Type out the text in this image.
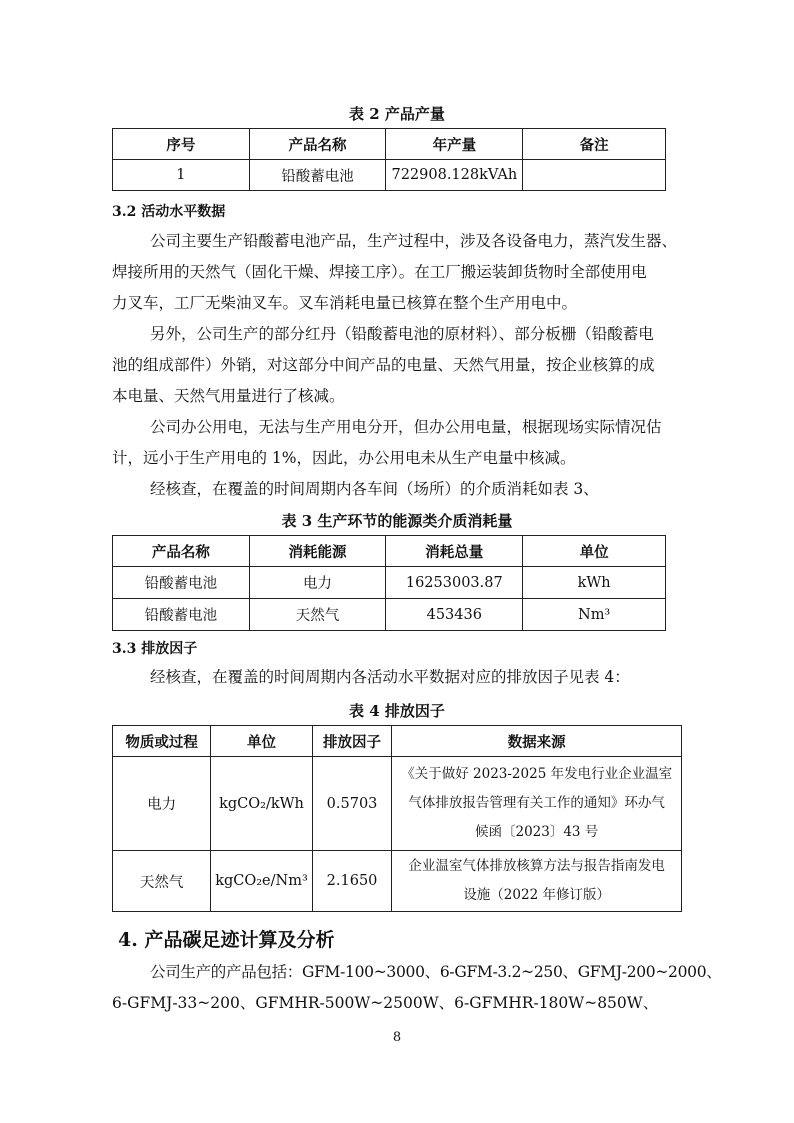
表 2 产品产量
序号	产品名称	年产量	备注
1	铅酸蓄电池	722908.128kVAh	
3.2 活动水平数据
公司主要生产铅酸蓄电池产品，生产过程中，涉及各设备电力，蒸汽发生器、
焊接所用的天然气（固化干燥、焊接工序）。在工厂搬运装卸货物时全部使用电
力叉车，工厂无柴油叉车。叉车消耗电量已核算在整个生产用电中。
另外，公司生产的部分红丹（铅酸蓄电池的原材料）、部分板栅（铅酸蓄电
池的组成部件）外销，对这部分中间产品的电量、天然气用量，按企业核算的成
本电量、天然气用量进行了核减。
公司办公用电，无法与生产用电分开，但办公用电量，根据现场实际情况估
计，远小于生产用电的 1%，因此，办公用电未从生产电量中核减。
经核查，在覆盖的时间周期内各车间（场所）的介质消耗如表 3、
表 3 生产环节的能源类介质消耗量
产品名称	消耗能源	消耗总量	单位
铅酸蓄电池	电力	16253003.87	kWh
铅酸蓄电池	天然气	453436	Nm³
3.3 排放因子
经核查，在覆盖的时间周期内各活动水平数据对应的排放因子见表 4：
表 4 排放因子
物质或过程	单位	排放因子	数据来源
电力	kgCO₂/kWh	0.5703	《关于做好 2023-2025 年发电行业企业温室
气体排放报告管理有关工作的通知》环办气
候函〔2023〕43 号

天然气	kgCO₂e/Nm³	2.1650	企业温室气体排放核算方法与报告指南发电
设施（2022 年修订版）
4. 产品碳足迹计算及分析
公司生产的产品包括：GFM-100~3000、6-GFM-3.2~250、GFMJ-200~2000、
6-GFMJ-33~200、GFMHR-500W~2500W、6-GFMHR-180W~850W、
8
